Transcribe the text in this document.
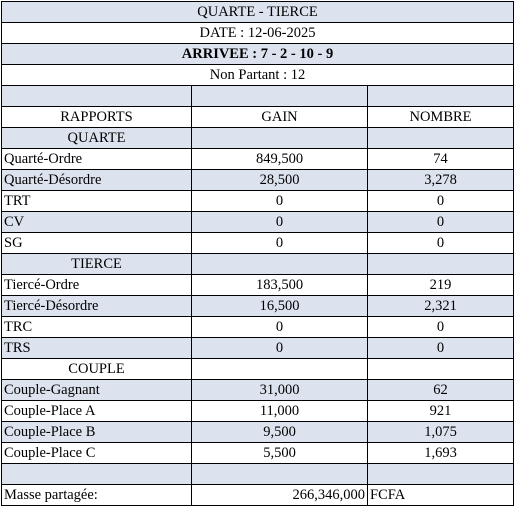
QUARTE - TIERCE		
DATE : 12-06-2025		
ARRIVEE : 7 - 2 - 10 - 9		
Non Partant : 12		

RAPPORTS	GAIN	NOMBRE
QUARTE		
Quarté-Ordre	849,500	74
Quarté-Désordre	28,500	3,278
TRT	0	0
CV	0	0
SG	0	0
TIERCE		
Tiercé-Ordre	183,500	219
Tiercé-Désordre	16,500	2,321
TRC	0	0
TRS	0	0
COUPLE		
Couple-Gagnant	31,000	62
Couple-Place A	11,000	921
Couple-Place B	9,500	1,075
Couple-Place C	5,500	1,693

Masse partagée:	266,346,000	FCFA
